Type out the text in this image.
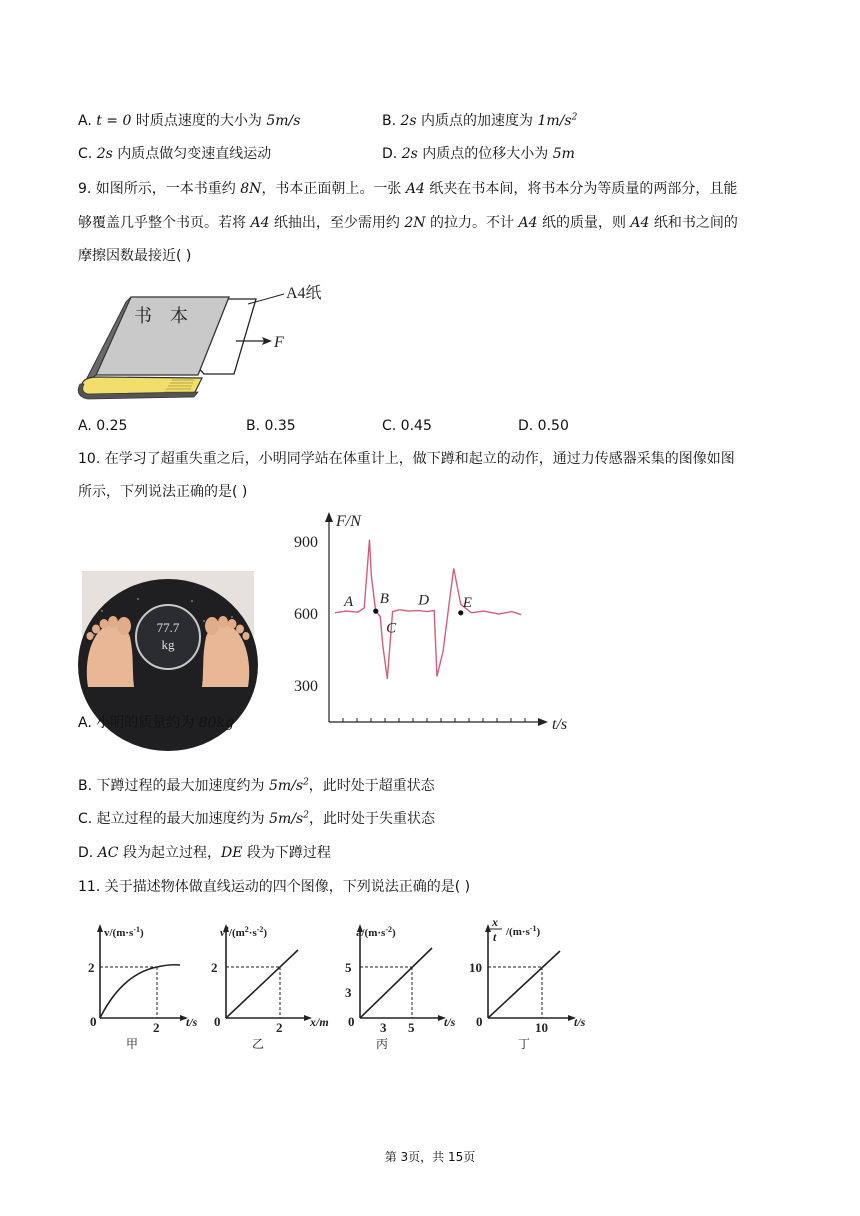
A. t = 0 时质点速度的大小为 5m/s	B. 2s 内质点的加速度为 $1m/s^2$
C. 2s 内质点做匀变速直线运动	D. 2s 内质点的位移大小为 5m
9. 如图所示，一本书重约 8N，书本正面朝上。一张 A4 纸夹在书本间，将书本分为等质量的两部分，且能
够覆盖几乎整个书页。若将 A4 纸抽出，至少需用约 2N 的拉力。不计 A4 纸的质量，则 A4 纸和书之间的
摩擦因数最接近( )
书    本
A4纸
F
A. 0.25	B. 0.35	C. 0.45	D. 0.50
10. 在学习了超重失重之后，小明同学站在体重计上，做下蹲和起立的动作，通过力传感器采集的图像如图
所示，下列说法正确的是( )
77.7
kg
F/N
t/s
900
600
300
A B
C
D E
A. 小明的质量约为 80kg
B. 下蹲过程的最大加速度约为 $5m/s^2$，此时处于超重状态
C. 起立过程的最大加速度约为 $5m/s^2$，此时处于失重状态
D. AC 段为起立过程，DE 段为下蹲过程
11. 关于描述物体做直线运动的四个图像，下列说法正确的是( )
$v/(m\cdot s^{-1})$
t/s
2
2
0
甲
$v^2/(m^2\cdot s^{-2})$
x/m
2
2
0
乙
$a/(m\cdot s^{-2})$
t/s
5
3
3 5
0
丙
x
t $/(m\cdot s^{-1})$
t/s
10
10
0
丁
第 3页，共 15页
